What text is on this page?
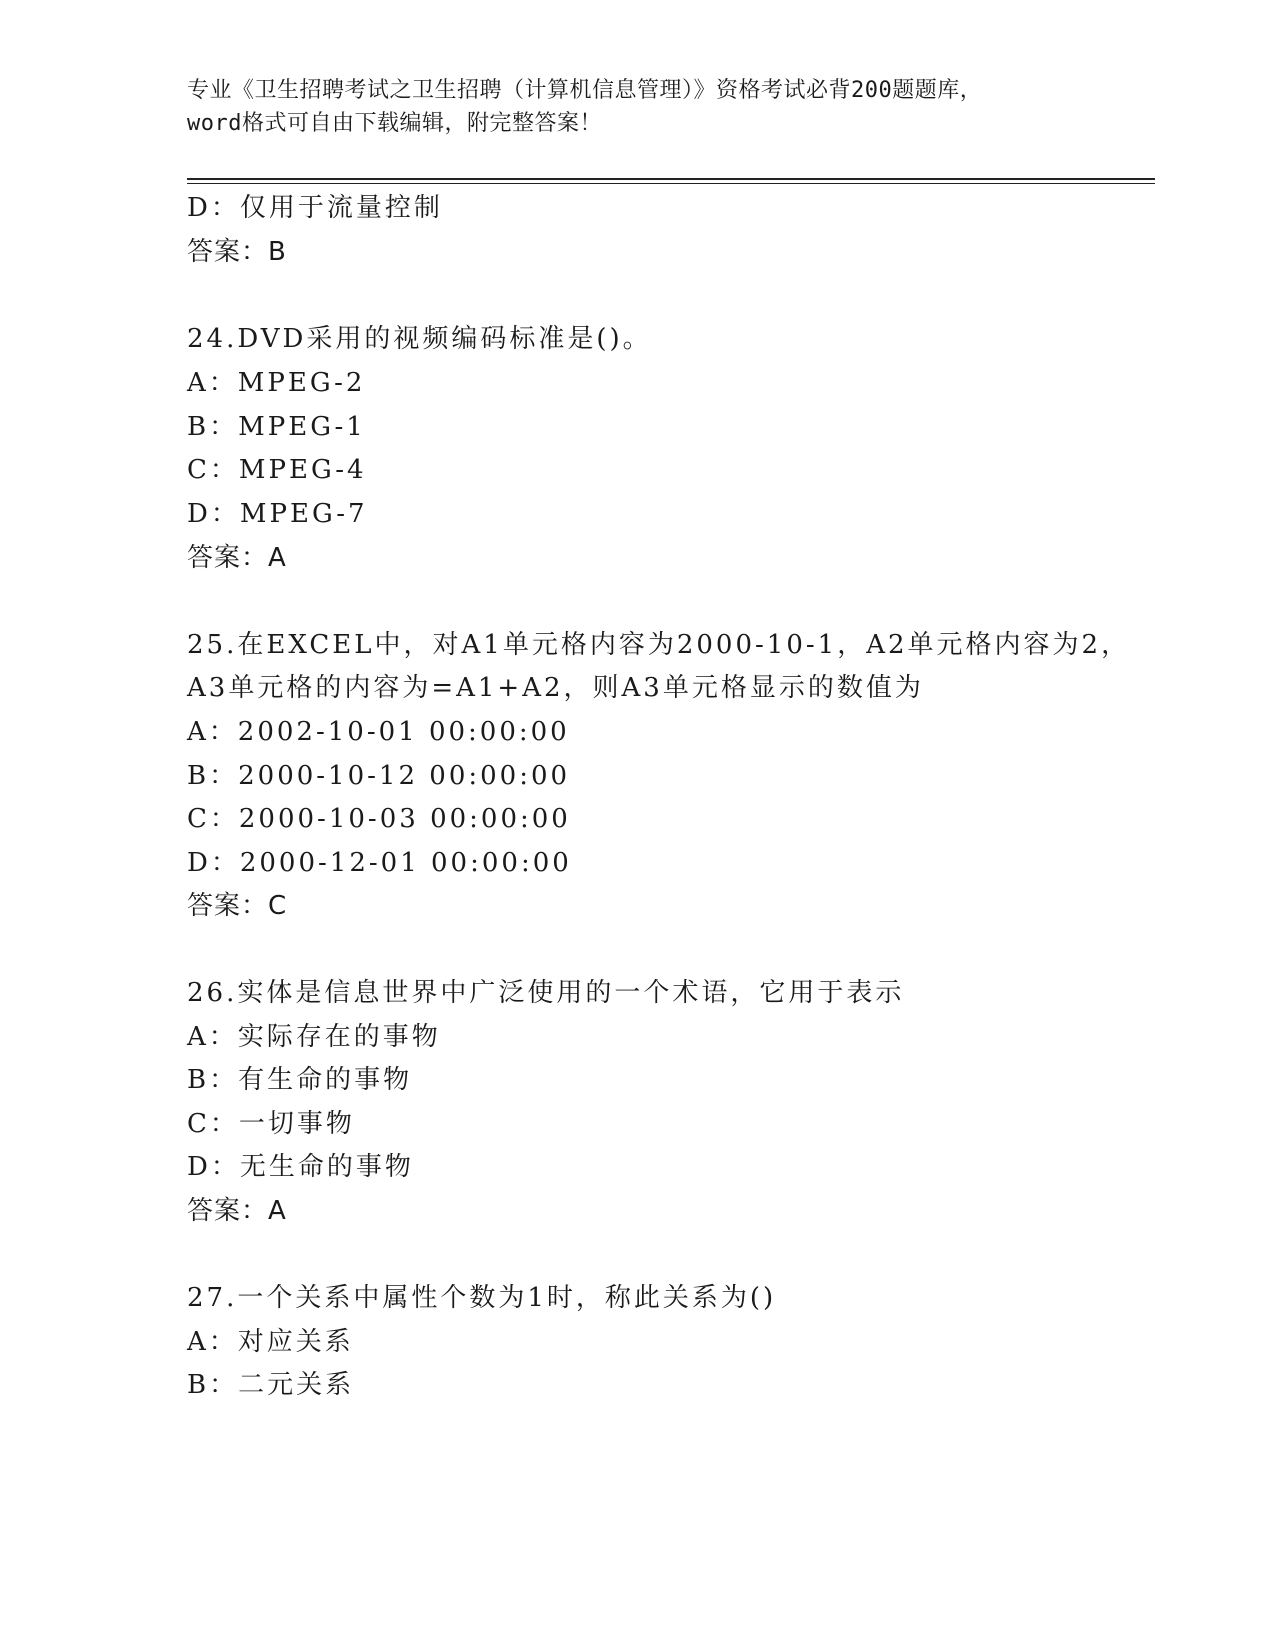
专业《卫生招聘考试之卫生招聘（计算机信息管理）》资格考试必背200题题库，
word格式可自由下载编辑，附完整答案！
D：仅用于流量控制
答案：B
24.DVD采用的视频编码标准是()。
A：MPEG-2
B：MPEG-1
C：MPEG-4
D：MPEG-7
答案：A
25.在EXCEL中，对A1单元格内容为2000-10-1，A2单元格内容为2，
A3单元格的内容为=A1+A2，则A3单元格显示的数值为
A：2002-10-01 00:00:00
B：2000-10-12 00:00:00
C：2000-10-03 00:00:00
D：2000-12-01 00:00:00
答案：C
26.实体是信息世界中广泛使用的一个术语，它用于表示
A：实际存在的事物
B：有生命的事物
C：一切事物
D：无生命的事物
答案：A
27.一个关系中属性个数为1时，称此关系为()
A：对应关系
B：二元关系
